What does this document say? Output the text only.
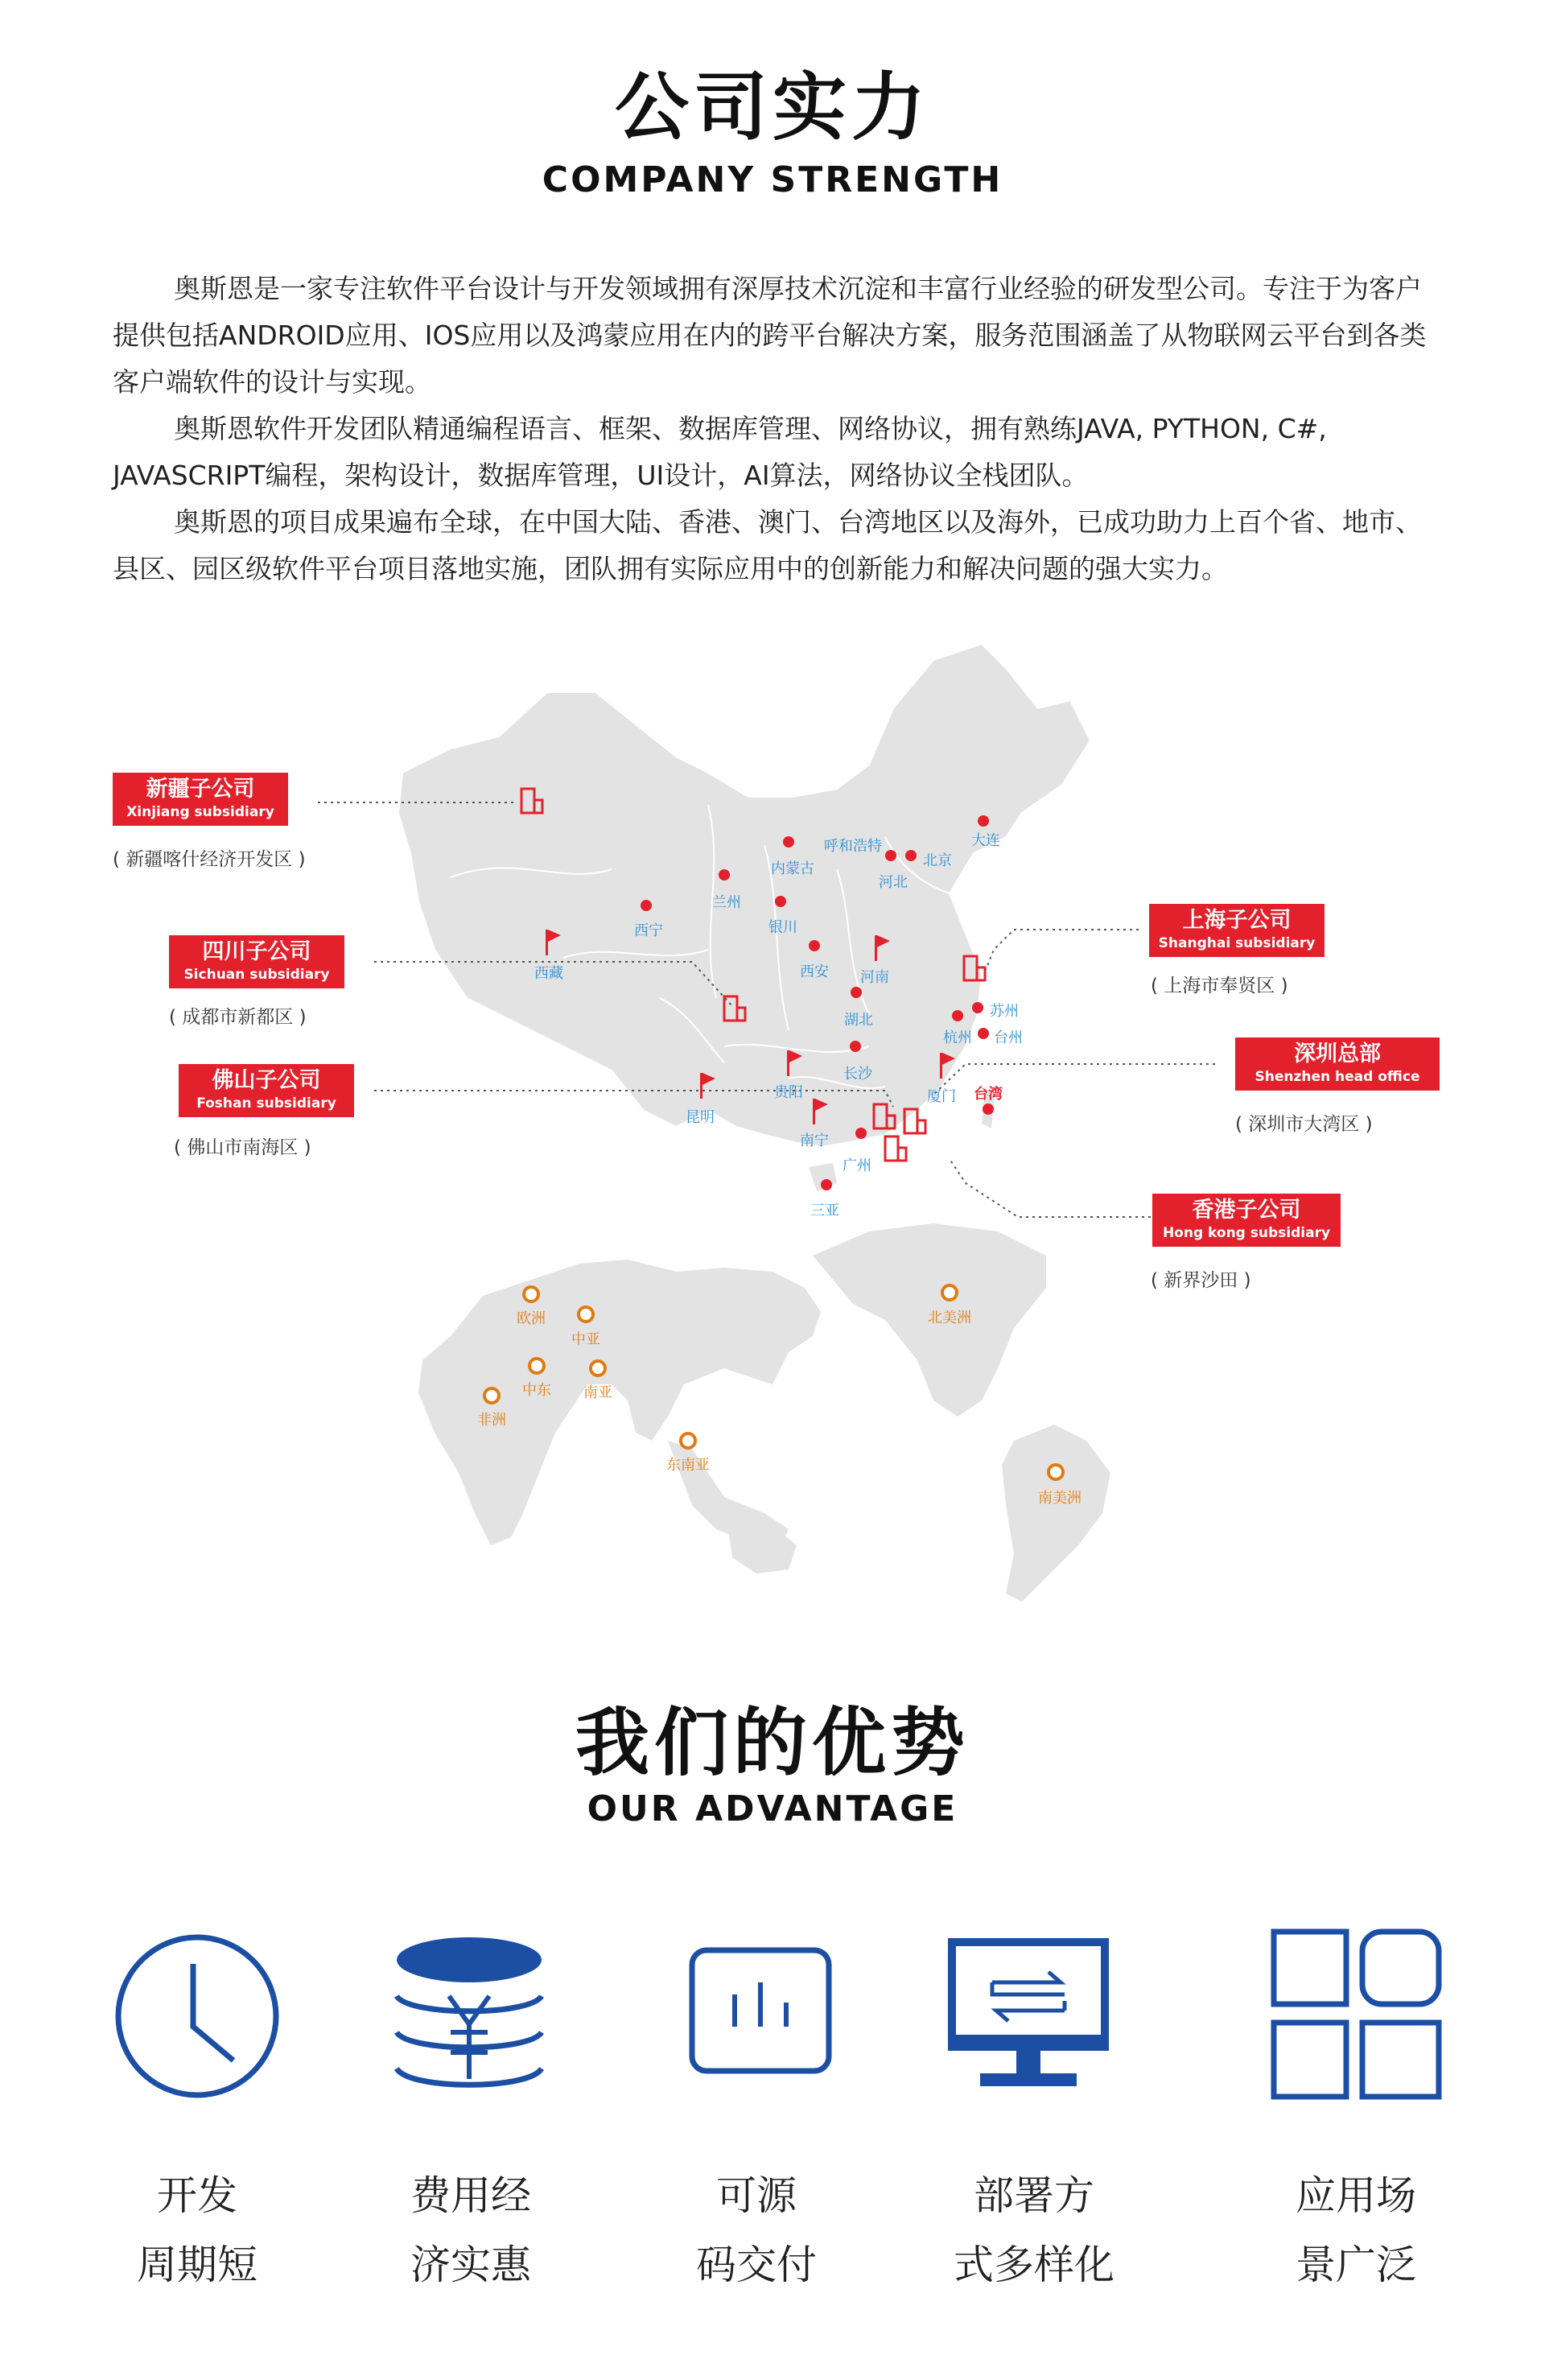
公司实力
COMPANY STRENGTH

奥斯恩是一家专注软件平台设计与开发领域拥有深厚技术沉淀和丰富行业经验的研发型公司。专注于为客户提供包括ANDROID应用、IOS应用以及鸿蒙应用在内的跨平台解决方案，服务范围涵盖了从物联网云平台到各类客户端软件的设计与实现。

奥斯恩软件开发团队精通编程语言、框架、数据库管理、网络协议，拥有熟练JAVA, PYTHON, C#, JAVASCRIPT编程，架构设计，数据库管理，UI设计，AI算法，网络协议全栈团队。

奥斯恩的项目成果遍布全球，在中国大陆、香港、澳门、台湾地区以及海外，已成功助力上百个省、地市、县区、园区级软件平台项目落地实施，团队拥有实际应用中的创新能力和解决问题的强大实力。

呼和浩特
内蒙古
大连
北京
河北
兰州
银川
西宁
西藏	西安 河南
湖北
苏州
杭州 台州
长沙
贵阳
昆明
厦门 台湾
南宁
广州
三亚
欧洲
中亚
中东
非洲
南亚
东南亚
北美洲
南美洲
新疆子公司
Xinjiang subsidiary
( 新疆喀什经济开发区 )
四川子公司
Sichuan subsidiary
( 成都市新都区 )
佛山子公司
Foshan subsidiary
( 佛山市南海区 )
上海子公司
Shanghai subsidiary
( 上海市奉贤区 )
深圳总部
Shenzhen head office
( 深圳市大湾区 )
香港子公司
Hong kong subsidiary
( 新界沙田 )
我们的优势
OUR ADVANTAGE
开发
周期短
费用经
济实惠
可源
码交付
部署方
式多样化
应用场
景广泛
